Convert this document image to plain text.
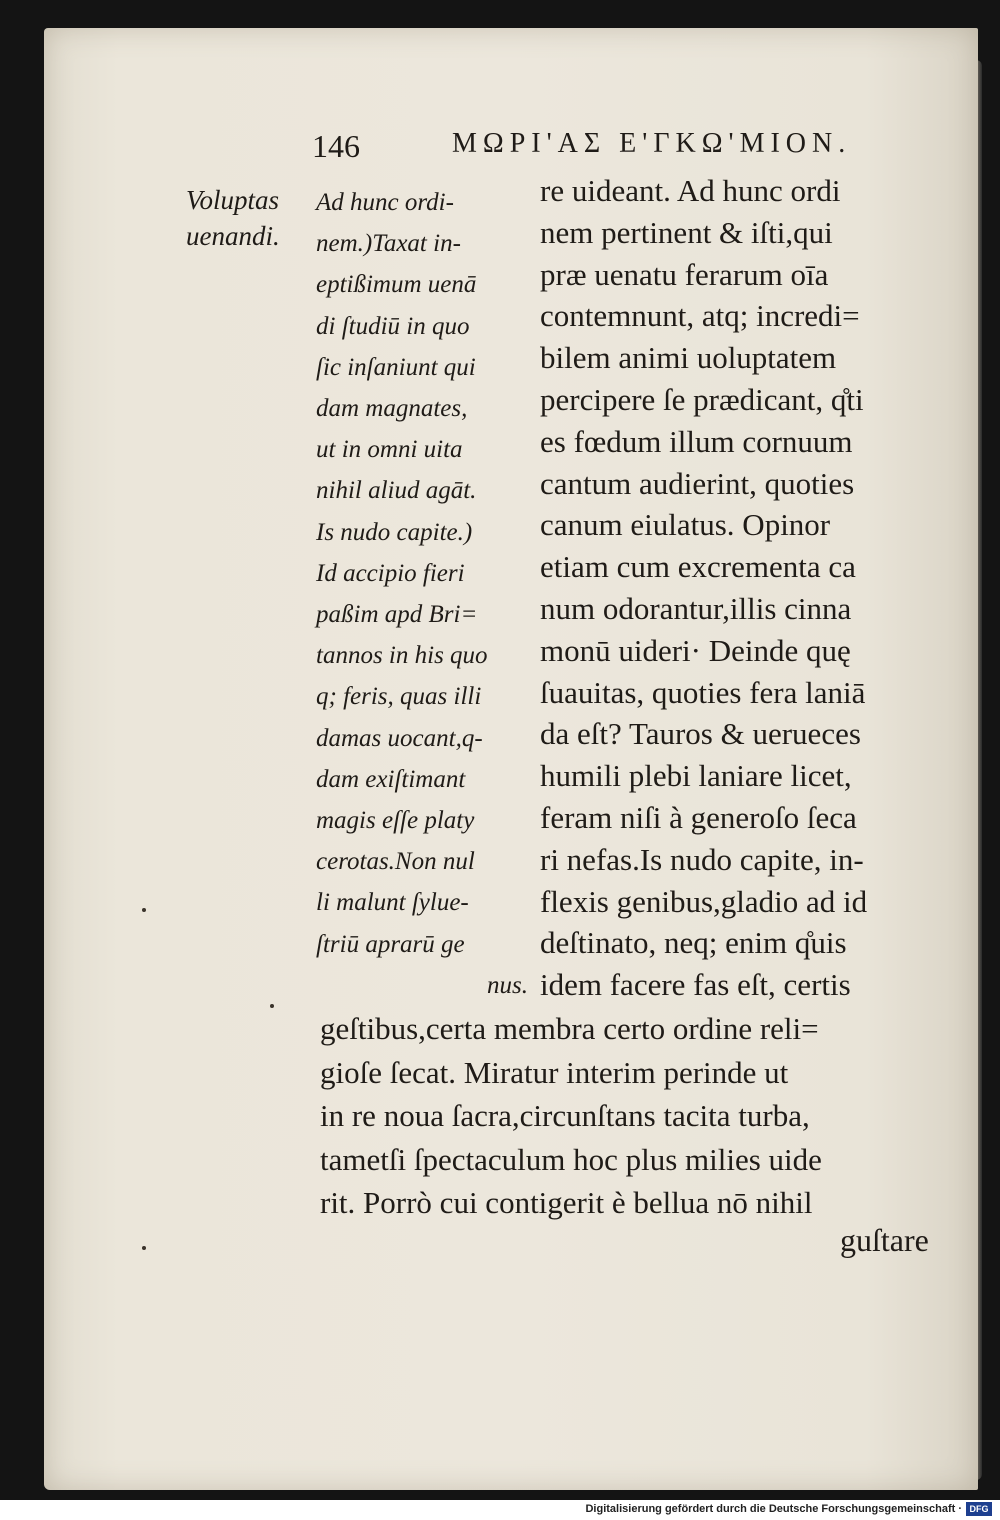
146	ΜΩΡΙ'ΑΣ Ε'ΓΚΩ'ΜΙΟΝ.
Voluptas
uenandi.
Ad hunc ordi-
nem.)Taxat in-
eptißimum uenā
di ſtudiū in quo
ſic inſaniunt qui
dam magnates,
ut in omni uita
nihil aliud agāt.
Is nudo capite.)
Id accipio fieri
paßim apd Bri=
tannos in his quo
q; feris, quas illi
damas uocant,q-
dam exiſtimant
magis eſſe platy
cerotas.Non nul
li malunt ſylue-
ſtriū aprarū ge
nus.
re uideant. Ad hunc ordi
nem pertinent & iſti,qui
præ uenatu ferarum oīa
contemnunt, atq; incredi=
bilem animi uoluptatem
percipere ſe prædicant, q̊ti
es fœdum illum cornuum
cantum audierint, quoties
canum eiulatus. Opinor
etiam cum excrementa ca
num odorantur,illis cinna
monū uideri· Deinde quę
ſuauitas, quoties fera laniā
da eſt? Tauros & uerueces
humili plebi laniare licet,
feram niſi à generoſo ſeca
ri nefas.Is nudo capite, in-
flexis genibus,gladio ad id
deſtinato, neq; enim q̊uis
idem facere fas eſt, certis
geſtibus,certa membra certo ordine reli=
gioſe ſecat. Miratur interim perinde ut
in re noua ſacra,circunſtans tacita turba,
tametſi ſpectaculum hoc plus milies uide
rit. Porrò cui contigerit è bellua nō nihil
guſtare
Digitalisierung gefördert durch die Deutsche Forschungsgemeinschaft · DFG
